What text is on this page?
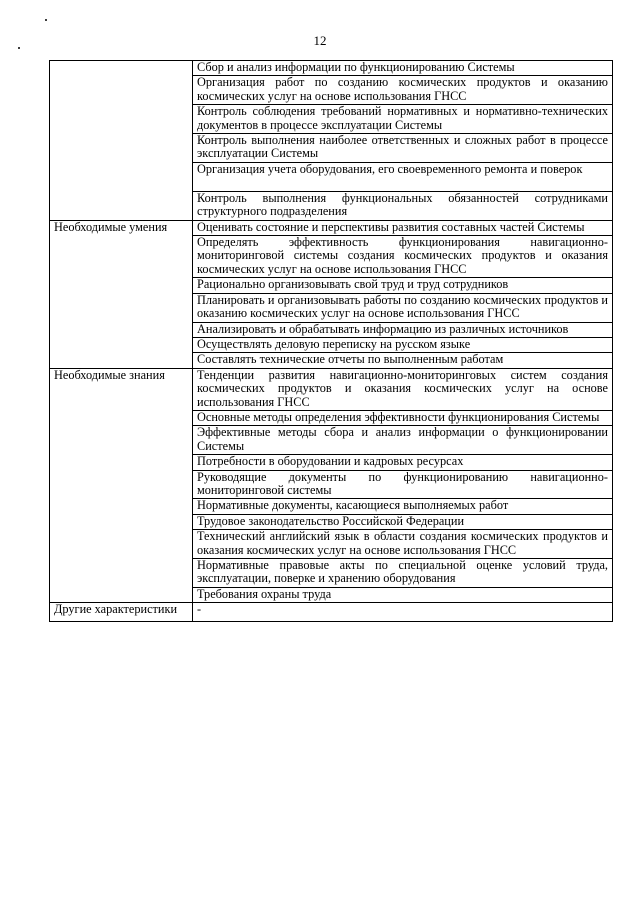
12
	Сбор и анализ информации по функционированию Системы
	Организация работ по созданию космических продуктов и оказанию космических услуг на основе использования ГНСС
	Контроль соблюдения требований нормативных и нормативно-технических документов в процессе эксплуатации Системы
	Контроль выполнения наиболее ответственных и сложных работ в процессе эксплуатации Системы
	Организация учета оборудования, его своевременного ремонта и поверок
	Контроль выполнения функциональных обязанностей сотрудниками структурного подразделения
Необходимые умения	Оценивать состояние и перспективы развития составных частей Системы
	Определять эффективность функционирования навигационно-мониторинговой системы создания космических продуктов и оказания космических услуг на основе использования ГНСС
	Рационально организовывать свой труд и труд сотрудников
	Планировать и организовывать работы по созданию космических продуктов и оказанию космических услуг на основе использования ГНСС
	Анализировать и обрабатывать информацию из различных источников
	Осуществлять деловую переписку на русском языке
	Составлять технические отчеты по выполненным работам
Необходимые знания	Тенденции развития навигационно-мониторинговых систем создания космических продуктов и оказания космических услуг на основе использования ГНСС
	Основные методы определения эффективности функционирования Системы
	Эффективные методы сбора и анализ информации о функционировании Системы
	Потребности в оборудовании и кадровых ресурсах
	Руководящие документы по функционированию навигационно-мониторинговой системы
	Нормативные документы, касающиеся выполняемых работ
	Трудовое законодательство Российской Федерации
	Технический английский язык в области создания космических продуктов и оказания космических услуг на основе использования ГНСС
	Нормативные правовые акты по специальной оценке условий труда, эксплуатации, поверке и хранению оборудования
	Требования охраны труда
Другие характеристики	-
